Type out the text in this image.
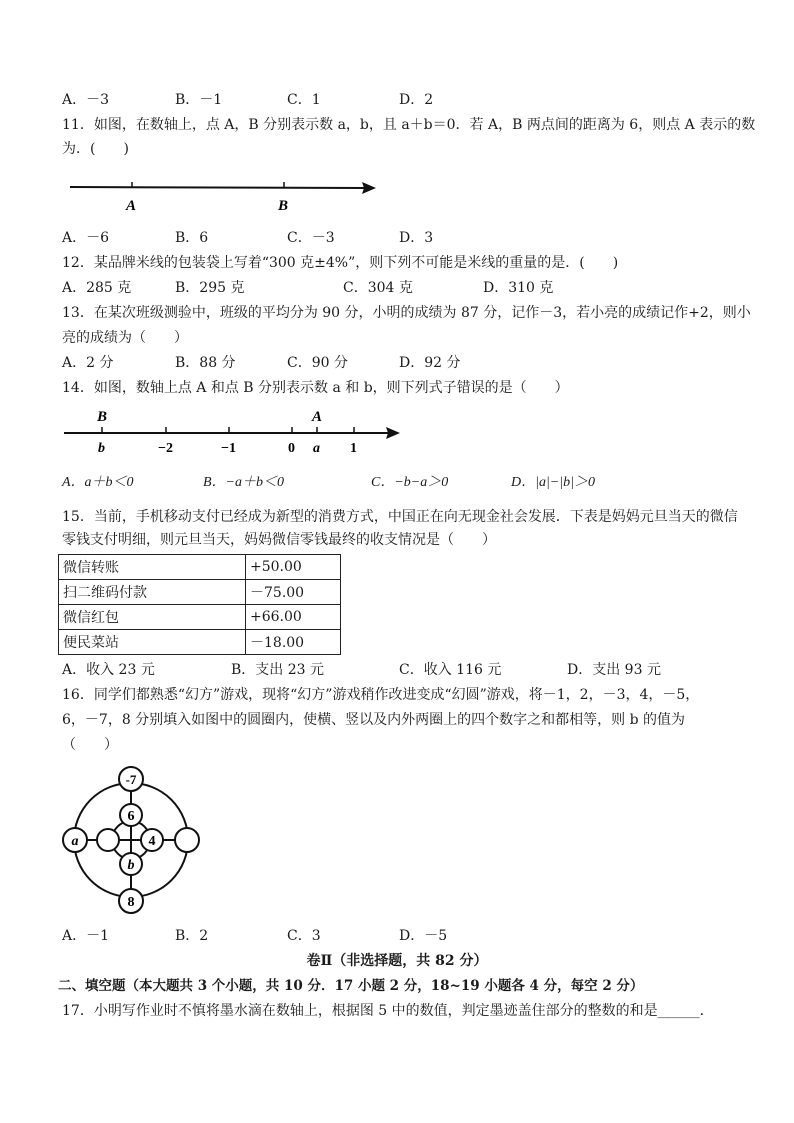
A．－3	B．－1	C．1	D．2
11．如图，在数轴上，点 A，B 分别表示数 a，b，且 a＋b＝0．若 A，B 两点间的距离为 6，则点 A 表示的数
为．(　　)
A	B
A．－6	B．6	C．－3	D．3
12．某品牌米线的包装袋上写着“300 克±4%”，则下列不可能是米线的重量的是．(　　)
A．285 克	B．295 克	C．304 克	D．310 克
13．在某次班级测验中，班级的平均分为 90 分，小明的成绩为 87 分，记作－3，若小亮的成绩记作+2，则小
亮的成绩为（　　）
A．2 分	B．88 分	C．90 分	D．92 分
14．如图，数轴上点 A 和点 B 分别表示数 a 和 b，则下列式子错误的是（　　）
B	A
b	−2	−1	0 a 1
A．a＋b＜0	B．−a＋b＜0	C．−b−a＞0	D．|a|−|b|＞0
15．当前，手机移动支付已经成为新型的消费方式，中国正在向无现金社会发展．下表是妈妈元旦当天的微信
零钱支付明细，则元旦当天，妈妈微信零钱最终的收支情况是（　　）
微信转账	+50.00
扫二维码付款	－75.00
微信红包	+66.00
便民菜站	－18.00
A．收入 23 元	B．支出 23 元	C．收入 116 元	D．支出 93 元
16．同学们都熟悉“幻方”游戏，现将“幻方”游戏稍作改进变成“幻圆”游戏，将－1，2，－3，4，－5，
6，－7，8 分别填入如图中的圆圈内，使横、竖以及内外两圈上的四个数字之和都相等，则 b 的值为
（　　）
-7
6
a	4
b
8
A．－1	B．2	C．3	D．－5
卷Ⅱ（非选择题，共 82 分）
二、填空题（本大题共 3 个小题，共 10 分．17 小题 2 分，18~19 小题各 4 分，每空 2 分）
17．小明写作业时不慎将墨水滴在数轴上，根据图 5 中的数值，判定墨迹盖住部分的整数的和是______．
